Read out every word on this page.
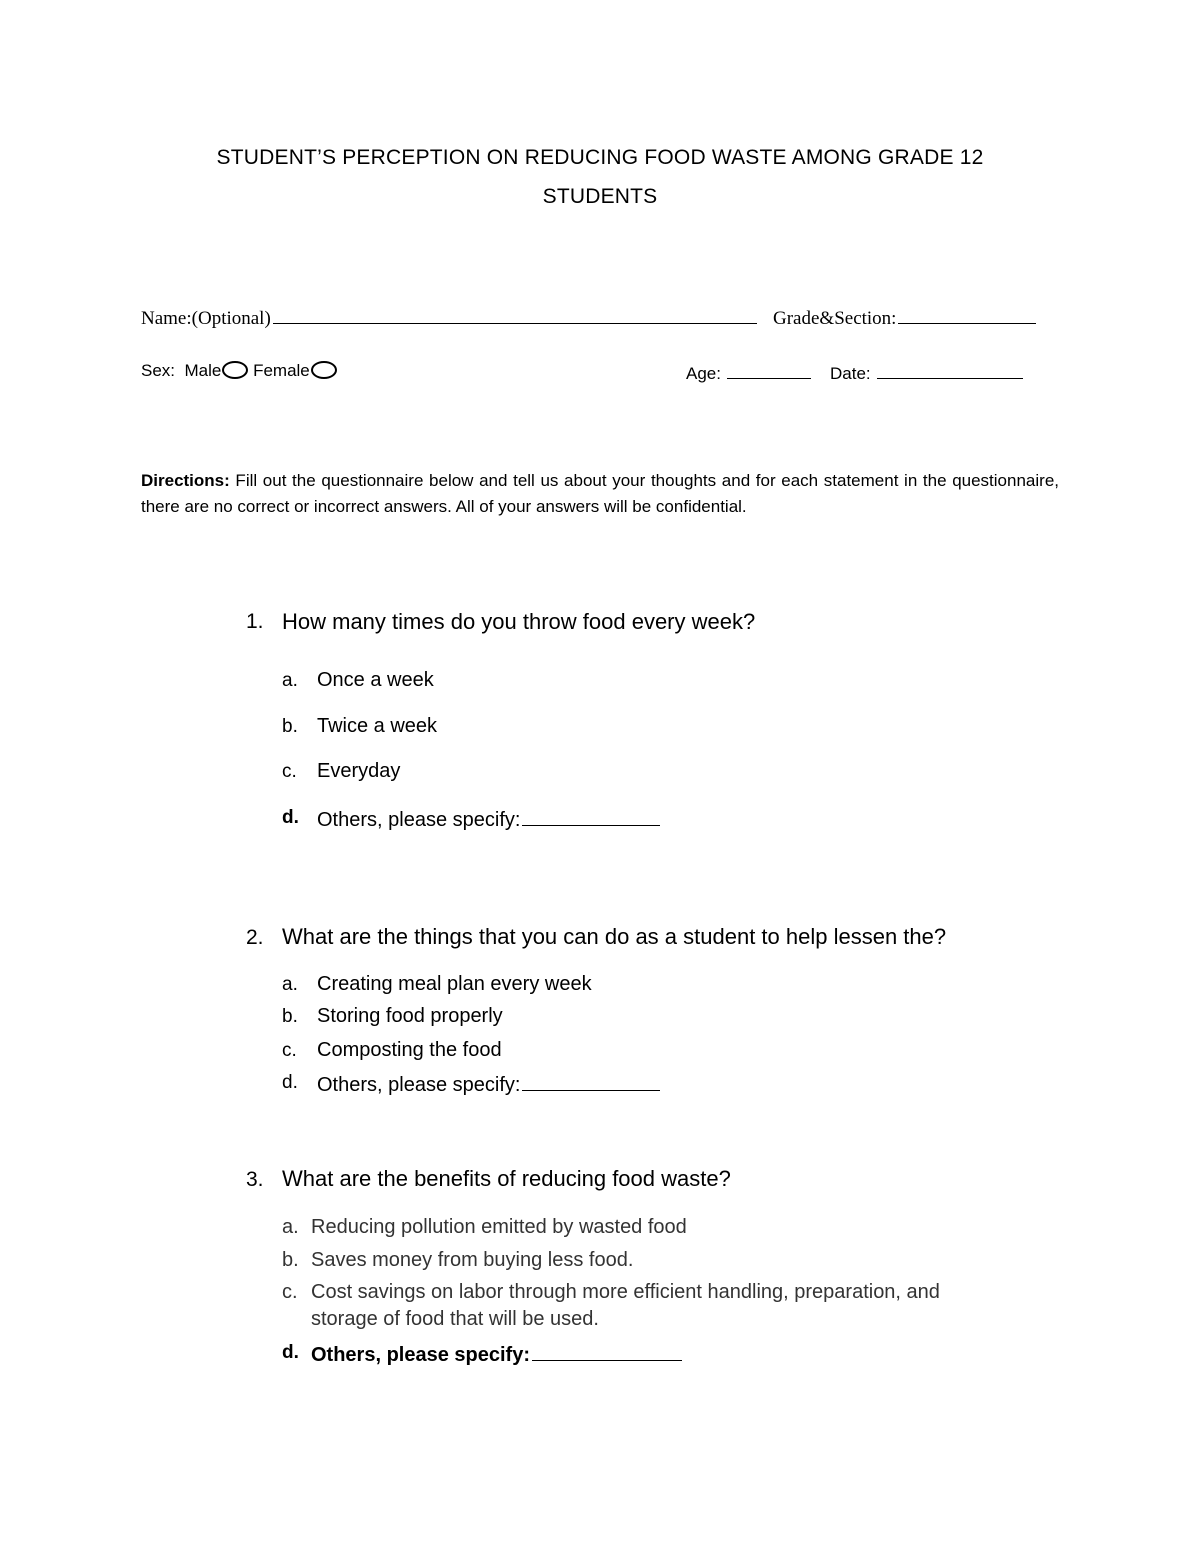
STUDENT’S PERCEPTION ON REDUCING FOOD WASTE AMONG GRADE 12
STUDENTS
Name:(Optional)	Grade&Section:
Sex: Male Female	Age:	Date:
Directions: Fill out the questionnaire below and tell us about your thoughts and for each statement in the questionnaire, there are no correct or incorrect answers. All of your answers will be confidential.
1. How many times do you throw food every week?
a. Once a week
b. Twice a week
c. Everyday
d. Others, please specify:
2. What are the things that you can do as a student to help lessen the?
a. Creating meal plan every week
b. Storing food properly
c. Composting the food
d. Others, please specify:
3. What are the benefits of reducing food waste?
a. Reducing pollution emitted by wasted food
b. Saves money from buying less food.
c. Cost savings on labor through more efficient handling, preparation, and
storage of food that will be used.
d. Others, please specify:
